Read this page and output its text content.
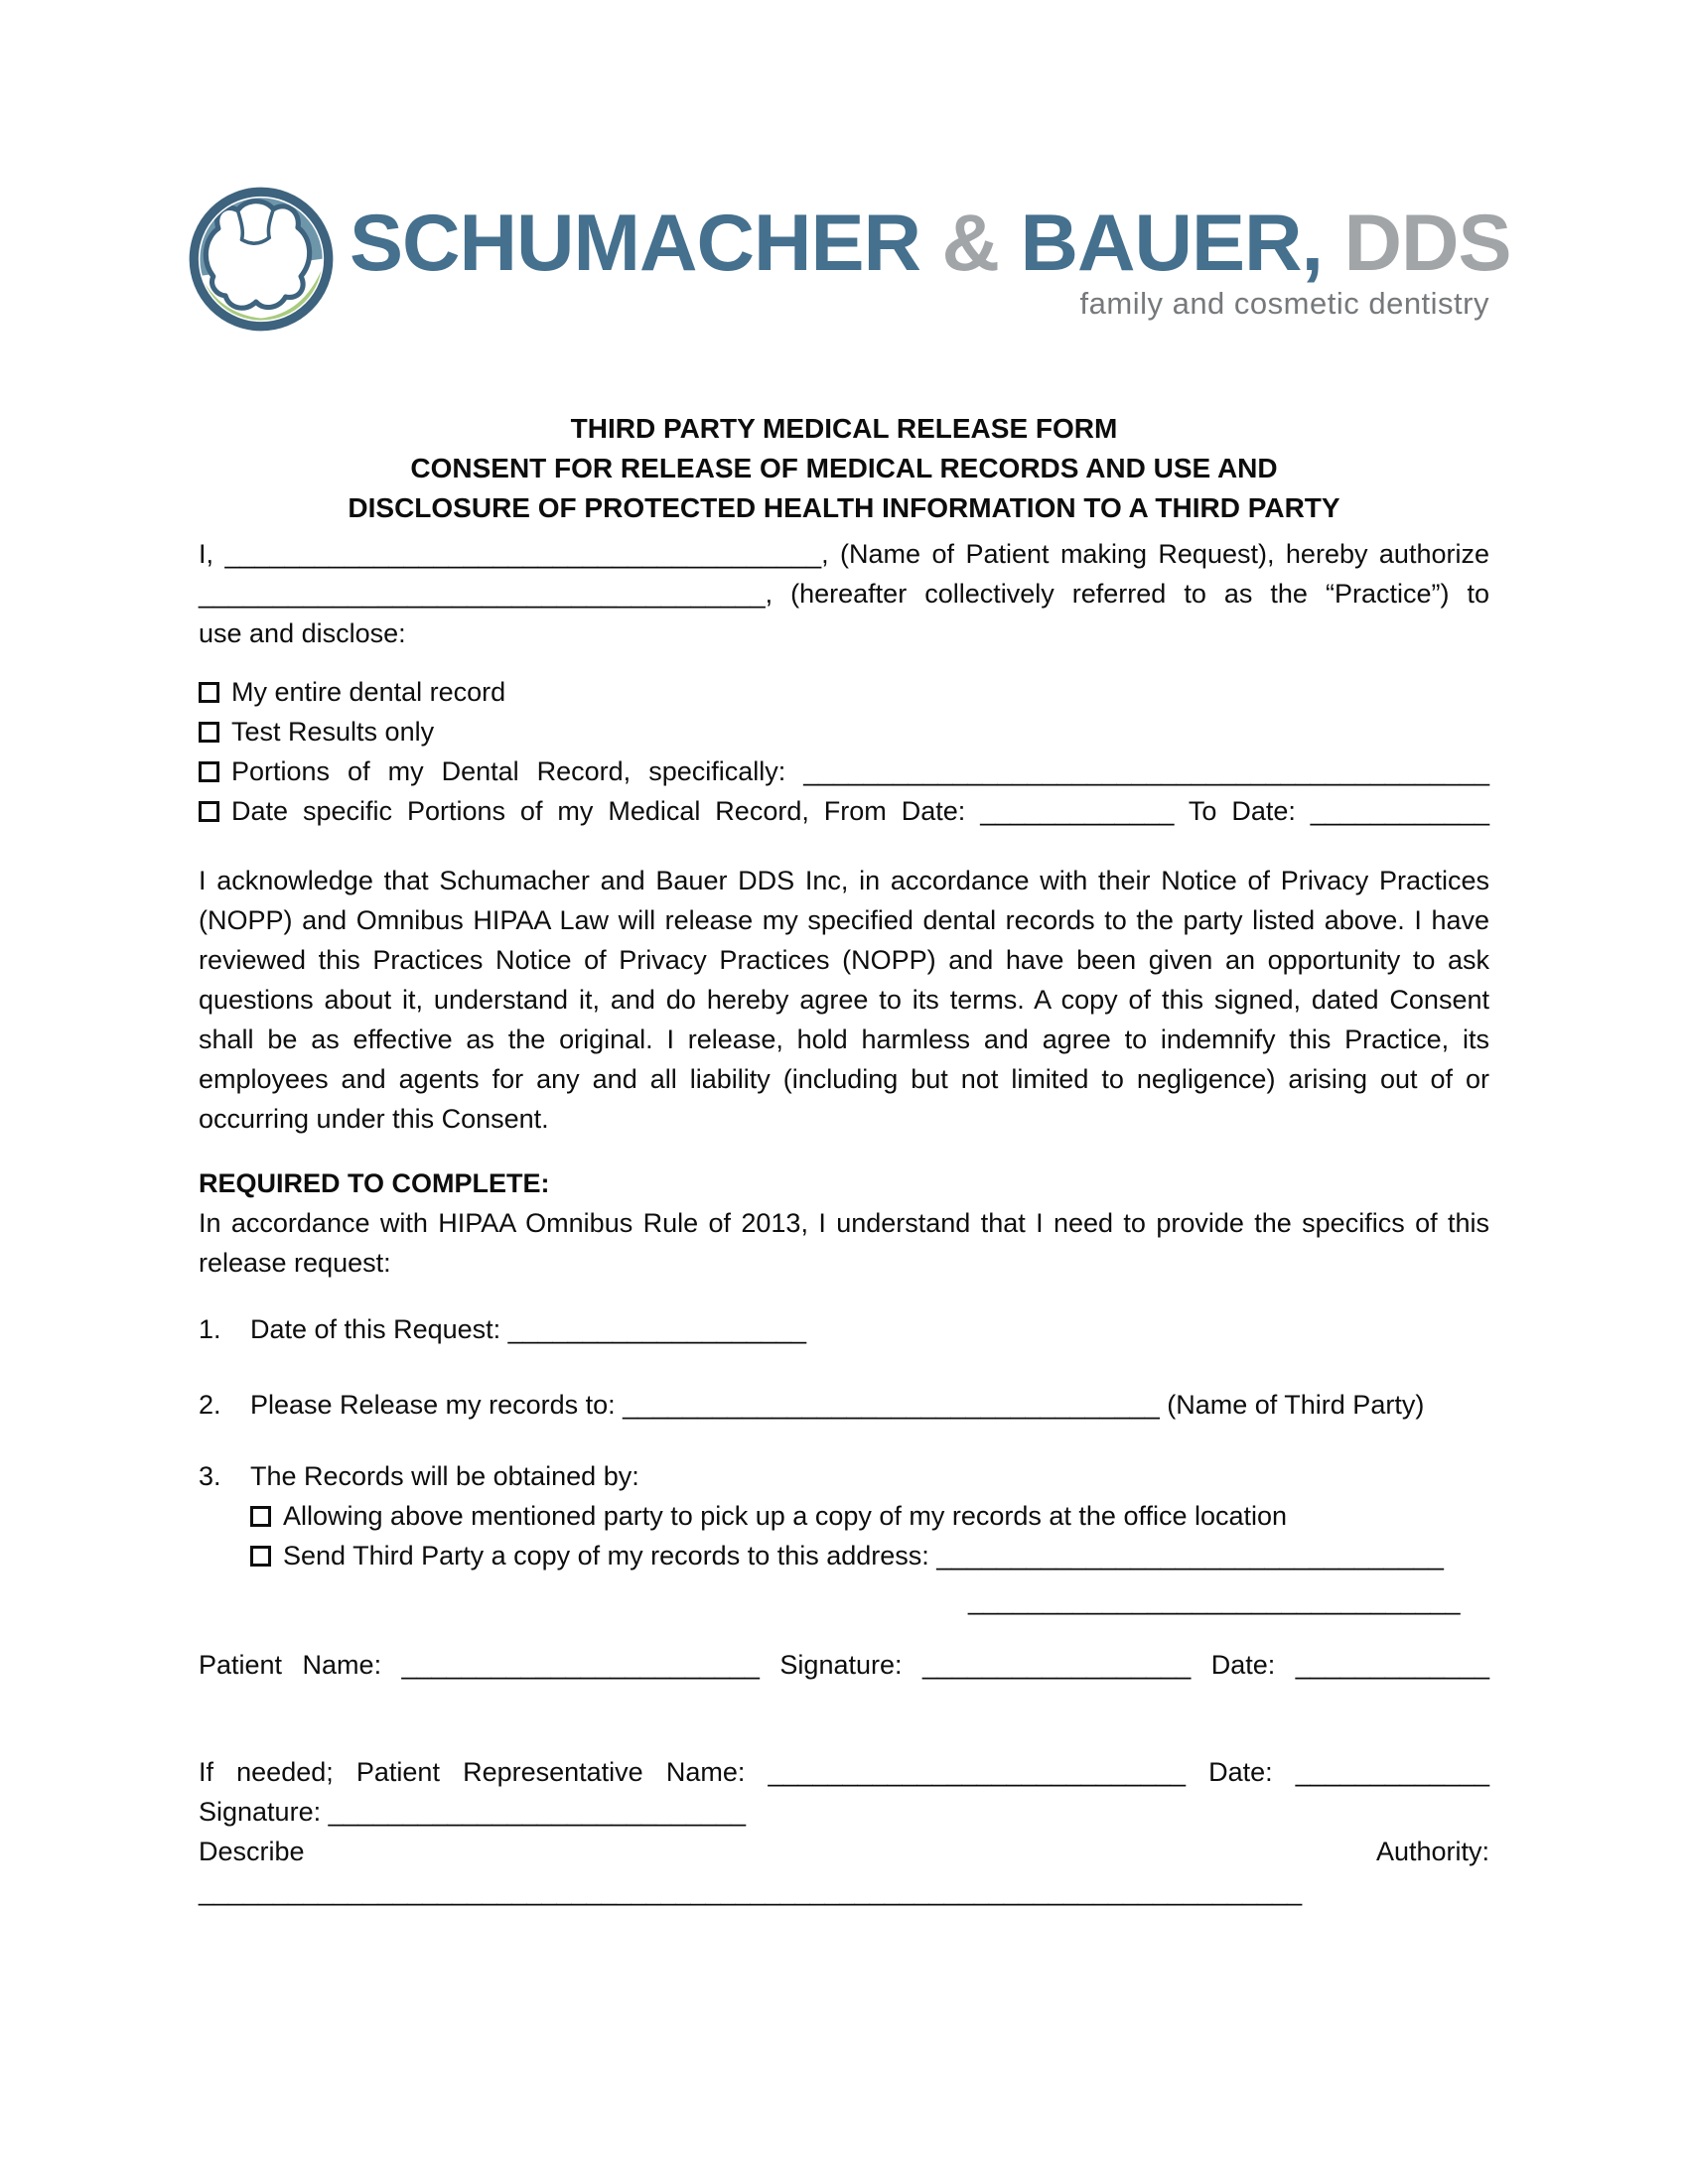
SCHUMACHER & BAUER, DDS
family and cosmetic dentistry
THIRD PARTY MEDICAL RELEASE FORM
CONSENT FOR RELEASE OF MEDICAL RECORDS AND USE AND
DISCLOSURE OF PROTECTED HEALTH INFORMATION TO A THIRD PARTY
I, ________________________________________, (Name of Patient making Request), hereby authorize
______________________________________, (hereafter collectively referred to as the “Practice”) to
use and disclose:
My entire dental record
Test Results only
Portions of my Dental Record, specifically: ______________________________________________
Date specific Portions of my Medical Record, From Date: _____________ To Date: ____________
I acknowledge that Schumacher and Bauer DDS Inc, in accordance with their Notice of Privacy Practices
(NOPP) and Omnibus HIPAA Law will release my specified dental records to the party listed above. I have
reviewed this Practices Notice of Privacy Practices (NOPP) and have been given an opportunity to ask
questions about it, understand it, and do hereby agree to its terms. A copy of this signed, dated Consent
shall be as effective as the original. I release, hold harmless and agree to indemnify this Practice, its
employees and agents for any and all liability (including but not limited to negligence) arising out of or
occurring under this Consent.
REQUIRED TO COMPLETE:
In accordance with HIPAA Omnibus Rule of 2013, I understand that I need to provide the specifics of this
release request:
1.	Date of this Request: ____________________
2.	Please Release my records to: ____________________________________ (Name of Third Party)
3.	The Records will be obtained by:
Allowing above mentioned party to pick up a copy of my records at the office location
Send Third Party a copy of my records to this address: __________________________________
_________________________________
Patient Name: ________________________ Signature: __________________ Date: _____________
If needed; Patient Representative Name: ____________________________ Date: _____________
Signature: ____________________________
Describe Authority: __________________________________________________________________________
